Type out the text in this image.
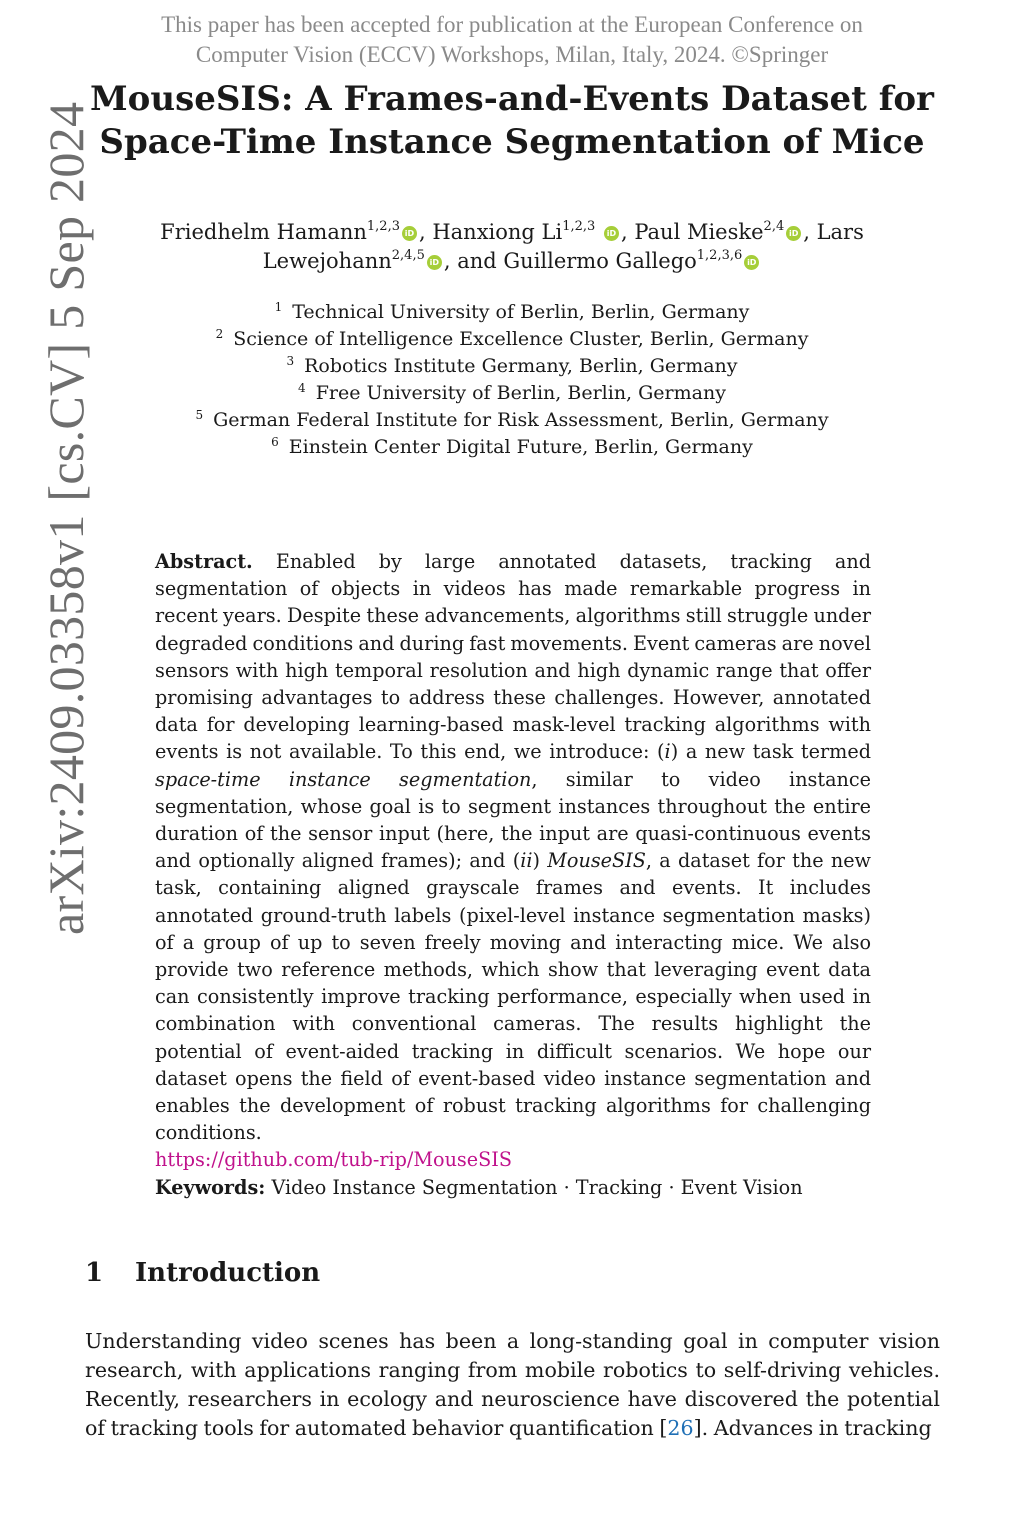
This paper has been accepted for publication at the European Conference on
Computer Vision (ECCV) Workshops, Milan, Italy, 2024. ©Springer
arXiv:2409.03358v1 [cs.CV] 5 Sep 2024
MouseSIS: A Frames-and-Events Dataset for
Space-Time Instance Segmentation of Mice
Friedhelm Hamann$^{1,2,3}$ iD , Hanxiong Li$^{1,2,3}$ iD , Paul Mieske$^{2,4}$ iD , Lars
Lewejohann$^{2,4,5}$ iD , and Guillermo Gallego$^{1,2,3,6}$ iD
$^1$ Technical University of Berlin, Berlin, Germany
$^2$ Science of Intelligence Excellence Cluster, Berlin, Germany
$^3$ Robotics Institute Germany, Berlin, Germany
$^4$ Free University of Berlin, Berlin, Germany
$^5$ German Federal Institute for Risk Assessment, Berlin, Germany
$^6$ Einstein Center Digital Future, Berlin, Germany
Abstract. Enabled by large annotated datasets, tracking and segmentation of objects in videos has made remarkable progress in recent years. Despite these advancements, algorithms still struggle under degraded conditions and during fast movements. Event cameras are novel sensors with high temporal resolution and high dynamic range that offer promising advantages to address these challenges. However, annotated data for developing learning-based mask-level tracking algorithms with events is not available. To this end, we introduce: (i) a new task termed space-time instance segmentation, similar to video instance segmentation, whose goal is to segment instances throughout the entire duration of the sensor input (here, the input are quasi-continuous events and optionally aligned frames); and (ii) MouseSIS, a dataset for the new task, containing aligned grayscale frames and events. It includes annotated ground-truth labels (pixel-level instance segmentation masks) of a group of up to seven freely moving and interacting mice. We also provide two reference methods, which show that leveraging event data can consistently improve tracking performance, especially when used in combination with conventional cameras. The results highlight the potential of event-aided tracking in difficult scenarios. We hope our dataset opens the field of event-based video instance segmentation and enables the development of robust tracking algorithms for challenging conditions.
https://github.com/tub-rip/MouseSIS
Keywords: Video Instance Segmentation · Tracking · Event Vision
1 Introduction
Understanding video scenes has been a long-standing goal in computer vision research, with applications ranging from mobile robotics to self-driving vehicles. Recently, researchers in ecology and neuroscience have discovered the potential of tracking tools for automated behavior quantification [26]. Advances in tracking
